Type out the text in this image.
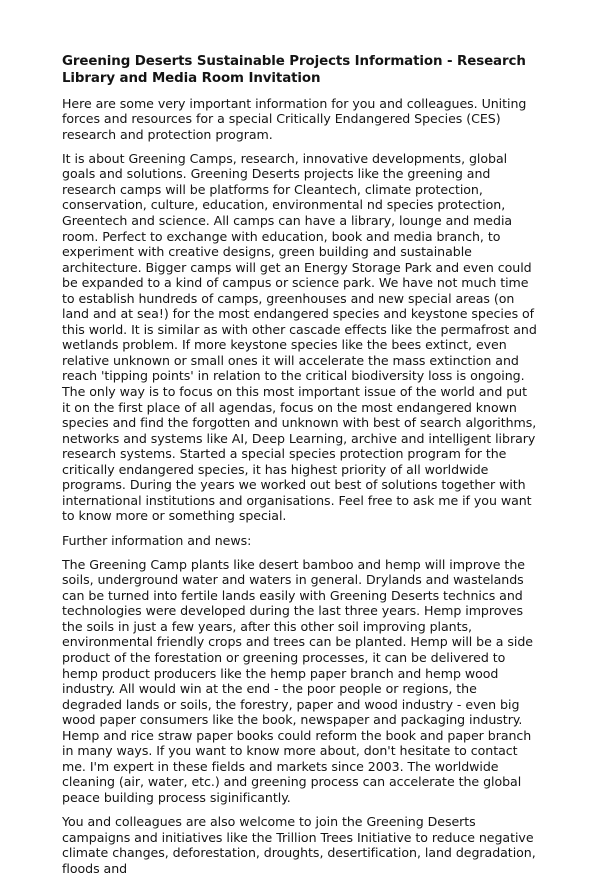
Greening Deserts Sustainable Projects Information - Research Library and Media Room Invitation
Here are some very important information for you and colleagues. Uniting forces and resources for a special Critically Endangered Species (CES) research and protection program.
It is about Greening Camps, research, innovative developments, global goals and solutions. Greening Deserts projects like the greening and research camps will be platforms for Cleantech, climate protection, conservation, culture, education, environmental nd species protection, Greentech and science. All camps can have a library, lounge and media room. Perfect to exchange with education, book and media branch, to experiment with creative designs, green building and sustainable architecture. Bigger camps will get an Energy Storage Park and even could be expanded to a kind of campus or science park. We have not much time to establish hundreds of camps, greenhouses and new special areas (on land and at sea!) for the most endangered species and keystone species of this world. It is similar as with other cascade effects like the permafrost and wetlands problem. If more keystone species like the bees extinct, even relative unknown or small ones it will accelerate the mass extinction and reach 'tipping points' in relation to the critical biodiversity loss is ongoing. The only way is to focus on this most important issue of the world and put it on the first place of all agendas, focus on the most endangered known species and find the forgotten and unknown with best of search algorithms, networks and systems like AI, Deep Learning, archive and intelligent library research systems. Started a special species protection program for the critically endangered species, it has highest priority of all worldwide programs. During the years we worked out best of solutions together with international institutions and organisations. Feel free to ask me if you want to know more or something special.
Further information and news:
The Greening Camp plants like desert bamboo and hemp will improve the soils, underground water and waters in general. Drylands and wastelands can be turned into fertile lands easily with Greening Deserts technics and technologies were developed during the last three years. Hemp improves the soils in just a few years, after this other soil improving plants, environmental friendly crops and trees can be planted. Hemp will be a side product of the forestation or greening processes, it can be delivered to hemp product producers like the hemp paper branch and hemp wood industry. All would win at the end - the poor people or regions, the degraded lands or soils, the forestry, paper and wood industry - even big wood paper consumers like the book, newspaper and packaging industry. Hemp and rice straw paper books could reform the book and paper branch in many ways. If you want to know more about, don't hesitate to contact me. I'm expert in these fields and markets since 2003. The worldwide cleaning (air, water, etc.) and greening process can accelerate the global peace building process siginificantly.
You and colleagues are also welcome to join the Greening Deserts campaigns and initiatives like the Trillion Trees Initiative to reduce negative climate changes, deforestation, droughts, desertification, land degradation, floods and
